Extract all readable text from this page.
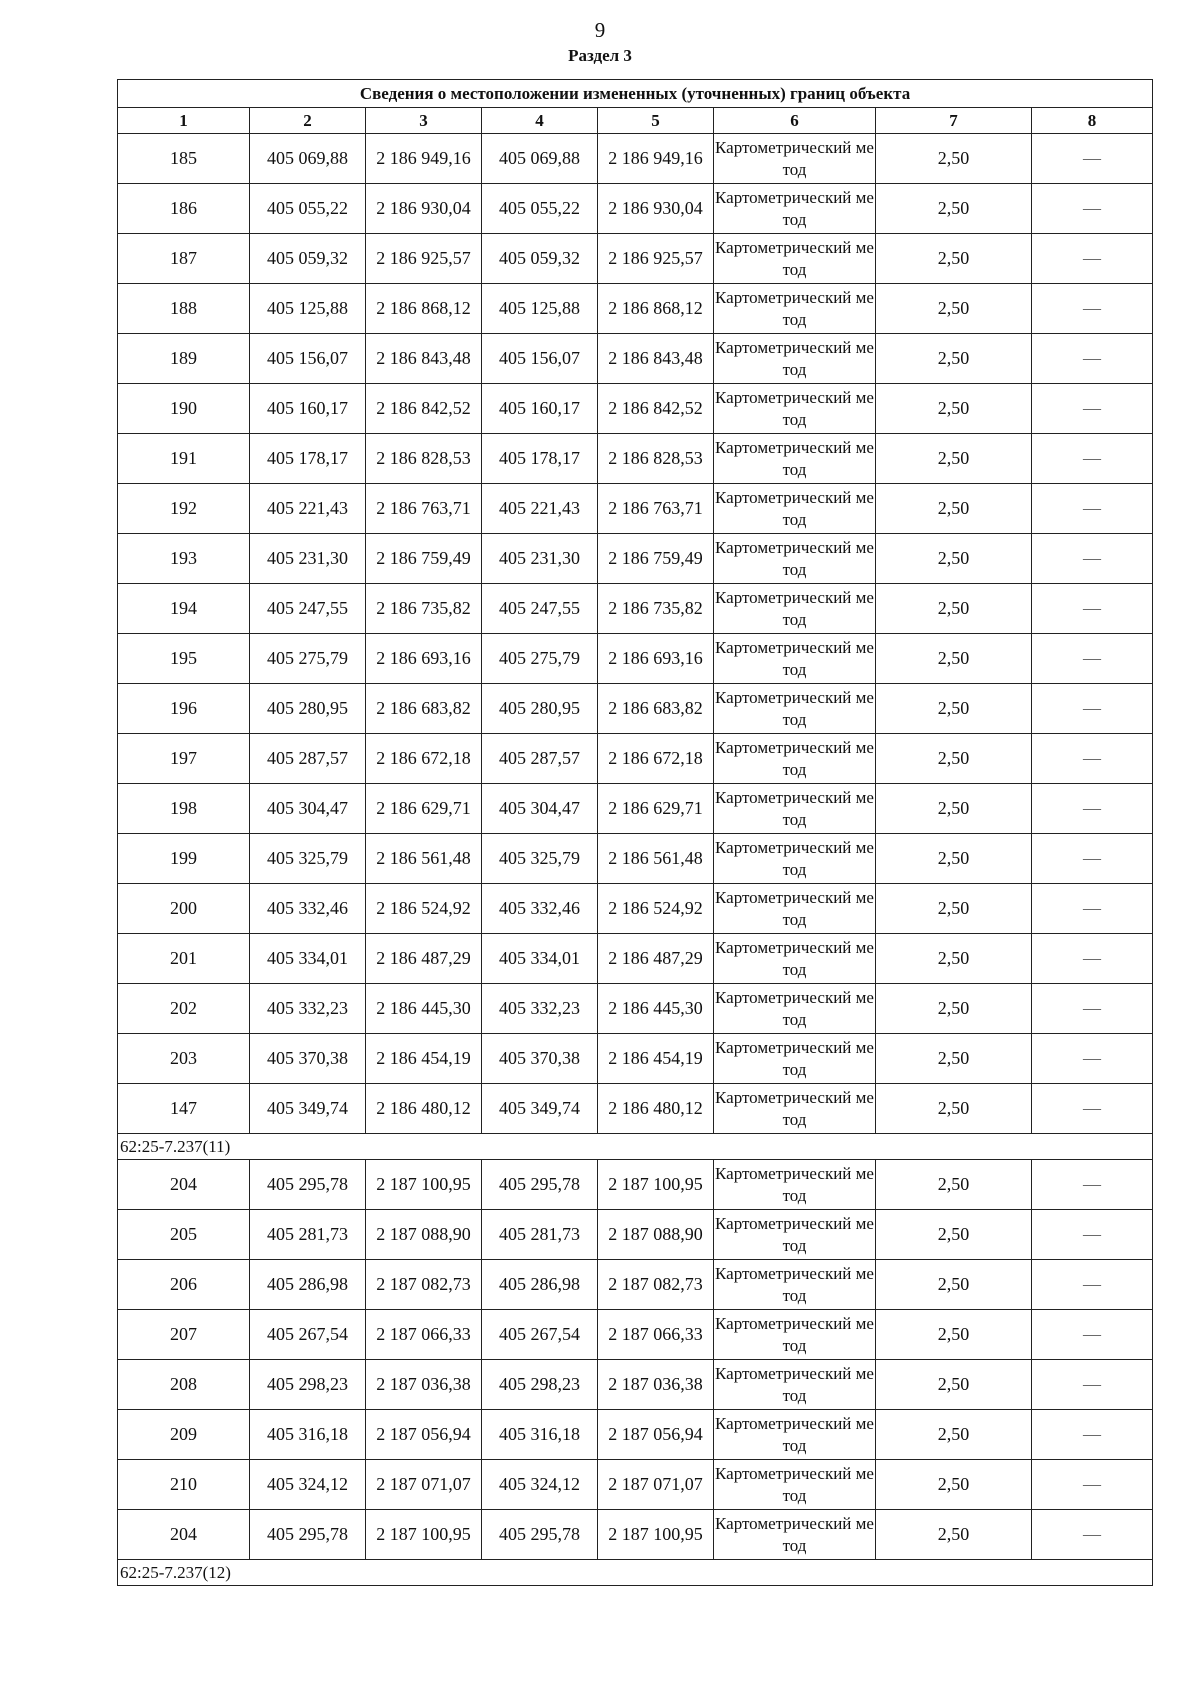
9
Раздел 3
Сведения о местоположении измененных (уточненных) границ объекта							
1	2	3	4	5	6	7	8
185	405 069,88	2 186 949,16	405 069,88	2 186 949,16	Картометрический метод	2,50	—
186	405 055,22	2 186 930,04	405 055,22	2 186 930,04	Картометрический метод	2,50	—
187	405 059,32	2 186 925,57	405 059,32	2 186 925,57	Картометрический метод	2,50	—
188	405 125,88	2 186 868,12	405 125,88	2 186 868,12	Картометрический метод	2,50	—
189	405 156,07	2 186 843,48	405 156,07	2 186 843,48	Картометрический метод	2,50	—
190	405 160,17	2 186 842,52	405 160,17	2 186 842,52	Картометрический метод	2,50	—
191	405 178,17	2 186 828,53	405 178,17	2 186 828,53	Картометрический метод	2,50	—
192	405 221,43	2 186 763,71	405 221,43	2 186 763,71	Картометрический метод	2,50	—
193	405 231,30	2 186 759,49	405 231,30	2 186 759,49	Картометрический метод	2,50	—
194	405 247,55	2 186 735,82	405 247,55	2 186 735,82	Картометрический метод	2,50	—
195	405 275,79	2 186 693,16	405 275,79	2 186 693,16	Картометрический метод	2,50	—
196	405 280,95	2 186 683,82	405 280,95	2 186 683,82	Картометрический метод	2,50	—
197	405 287,57	2 186 672,18	405 287,57	2 186 672,18	Картометрический метод	2,50	—
198	405 304,47	2 186 629,71	405 304,47	2 186 629,71	Картометрический метод	2,50	—
199	405 325,79	2 186 561,48	405 325,79	2 186 561,48	Картометрический метод	2,50	—
200	405 332,46	2 186 524,92	405 332,46	2 186 524,92	Картометрический метод	2,50	—
201	405 334,01	2 186 487,29	405 334,01	2 186 487,29	Картометрический метод	2,50	—
202	405 332,23	2 186 445,30	405 332,23	2 186 445,30	Картометрический метод	2,50	—
203	405 370,38	2 186 454,19	405 370,38	2 186 454,19	Картометрический метод	2,50	—
147	405 349,74	2 186 480,12	405 349,74	2 186 480,12	Картометрический метод	2,50	—
62:25-7.237(11)							
204	405 295,78	2 187 100,95	405 295,78	2 187 100,95	Картометрический метод	2,50	—
205	405 281,73	2 187 088,90	405 281,73	2 187 088,90	Картометрический метод	2,50	—
206	405 286,98	2 187 082,73	405 286,98	2 187 082,73	Картометрический метод	2,50	—
207	405 267,54	2 187 066,33	405 267,54	2 187 066,33	Картометрический метод	2,50	—
208	405 298,23	2 187 036,38	405 298,23	2 187 036,38	Картометрический метод	2,50	—
209	405 316,18	2 187 056,94	405 316,18	2 187 056,94	Картометрический метод	2,50	—
210	405 324,12	2 187 071,07	405 324,12	2 187 071,07	Картометрический метод	2,50	—
204	405 295,78	2 187 100,95	405 295,78	2 187 100,95	Картометрический метод	2,50	—
62:25-7.237(12)							
